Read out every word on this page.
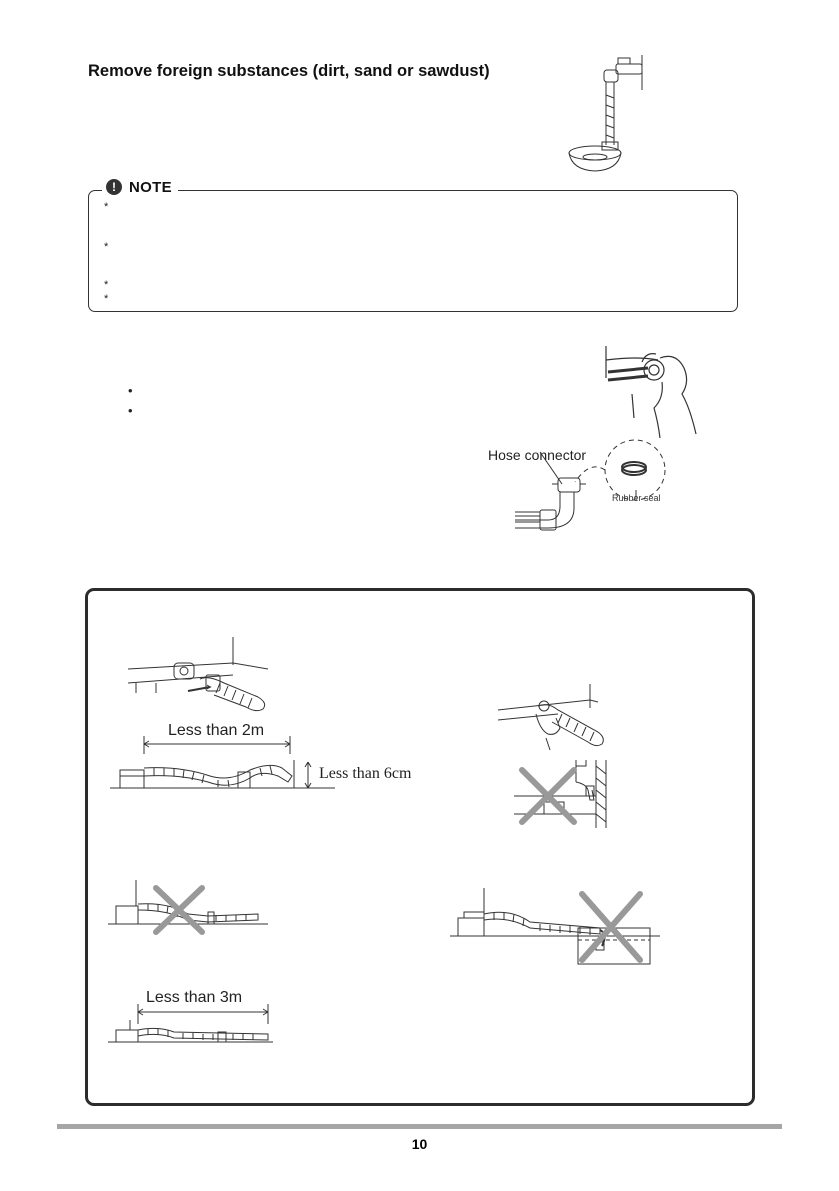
Remove foreign substances (dirt, sand or sawdust)
! NOTE
*
*
*
*
•
•
Hose connector
Rubber seal
Less than 2m
Less than 6cm
Less than 3m
10
